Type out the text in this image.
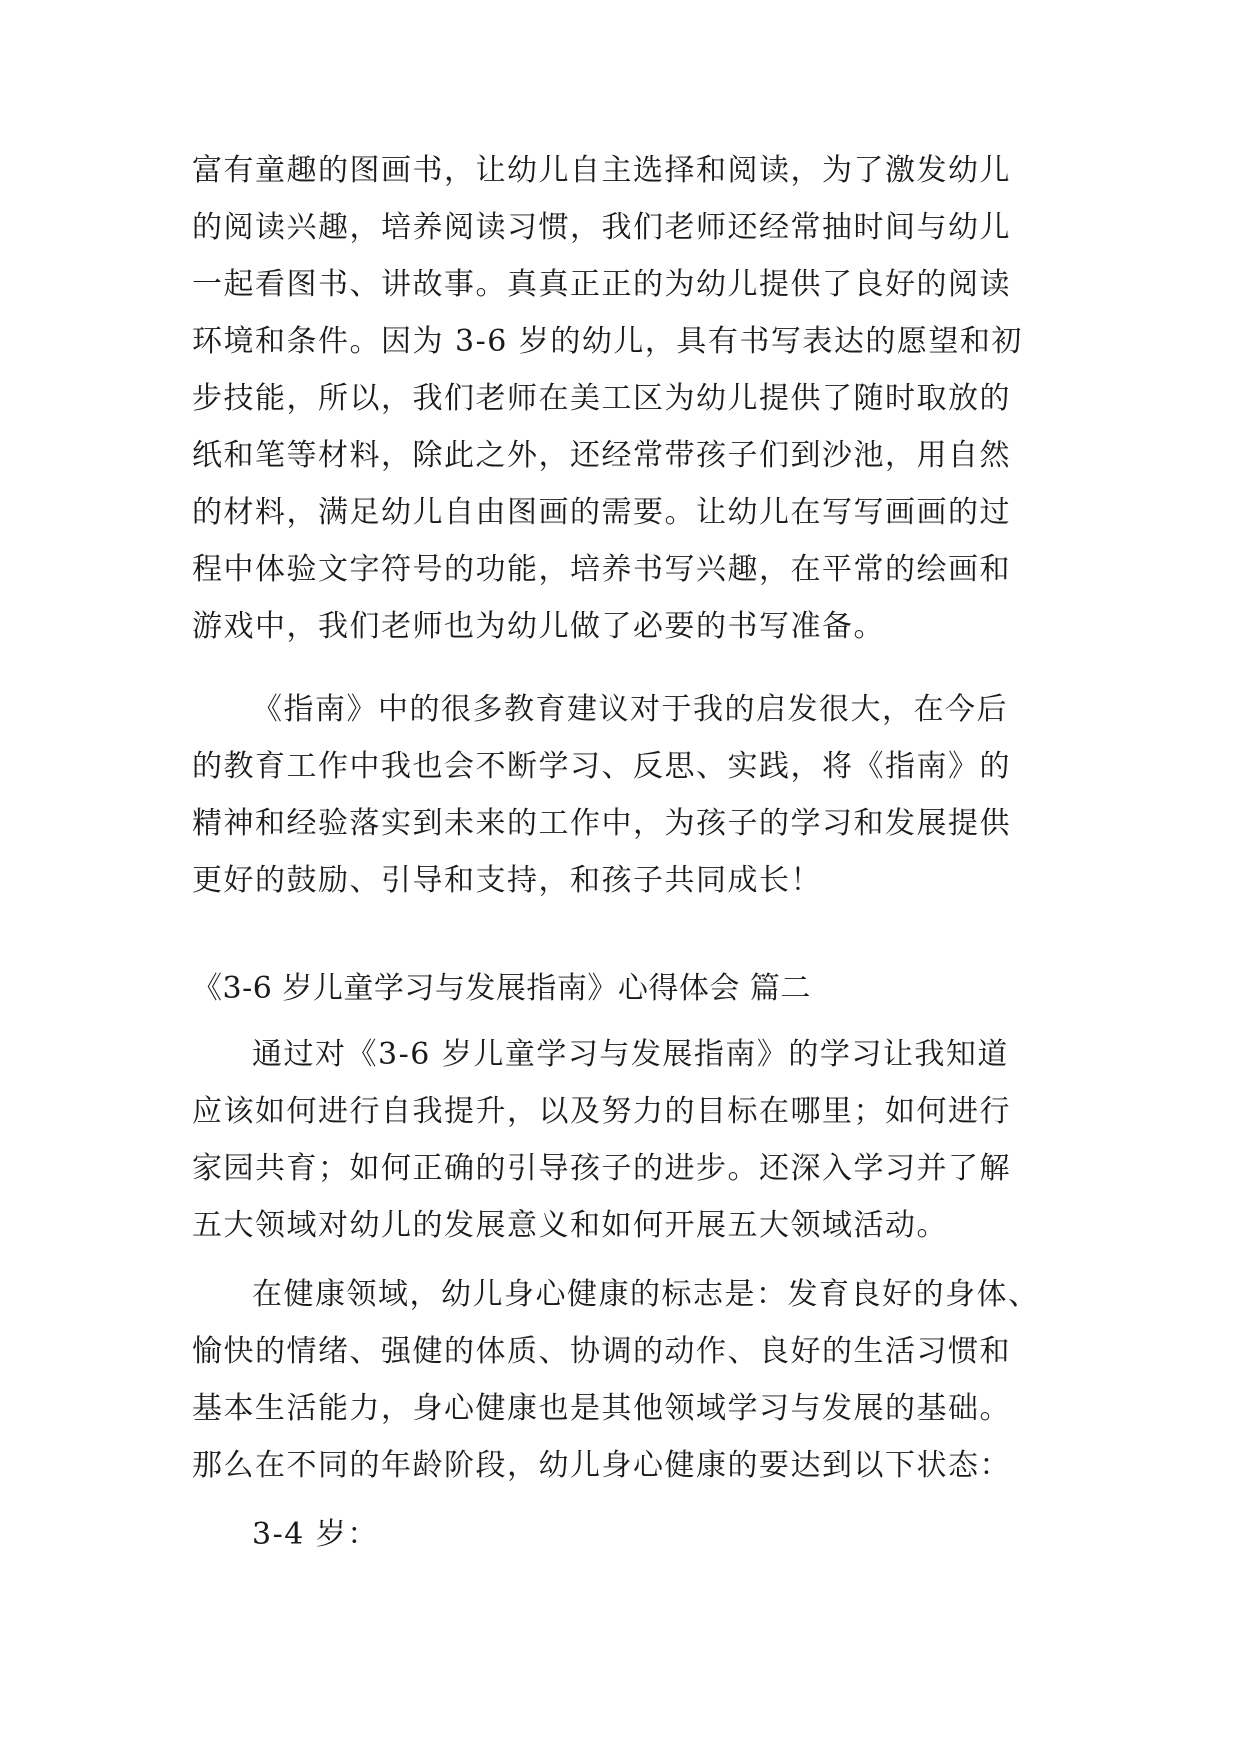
富有童趣的图画书，让幼儿自主选择和阅读，为了激发幼儿
的阅读兴趣，培养阅读习惯，我们老师还经常抽时间与幼儿
一起看图书、讲故事。真真正正的为幼儿提供了良好的阅读
环境和条件。因为 3-6 岁的幼儿，具有书写表达的愿望和初
步技能，所以，我们老师在美工区为幼儿提供了随时取放的
纸和笔等材料，除此之外，还经常带孩子们到沙池，用自然
的材料，满足幼儿自由图画的需要。让幼儿在写写画画的过
程中体验文字符号的功能，培养书写兴趣，在平常的绘画和
游戏中，我们老师也为幼儿做了必要的书写准备。
《指南》中的很多教育建议对于我的启发很大，在今后
的教育工作中我也会不断学习、反思、实践，将《指南》的
精神和经验落实到未来的工作中，为孩子的学习和发展提供
更好的鼓励、引导和支持，和孩子共同成长！
《3-6 岁儿童学习与发展指南》心得体会 篇二
通过对《3-6 岁儿童学习与发展指南》的学习让我知道
应该如何进行自我提升，以及努力的目标在哪里；如何进行
家园共育；如何正确的引导孩子的进步。还深入学习并了解
五大领域对幼儿的发展意义和如何开展五大领域活动。
在健康领域，幼儿身心健康的标志是：发育良好的身体、
愉快的情绪、强健的体质、协调的动作、良好的生活习惯和
基本生活能力，身心健康也是其他领域学习与发展的基础。
那么在不同的年龄阶段，幼儿身心健康的要达到以下状态：
3-4 岁：
